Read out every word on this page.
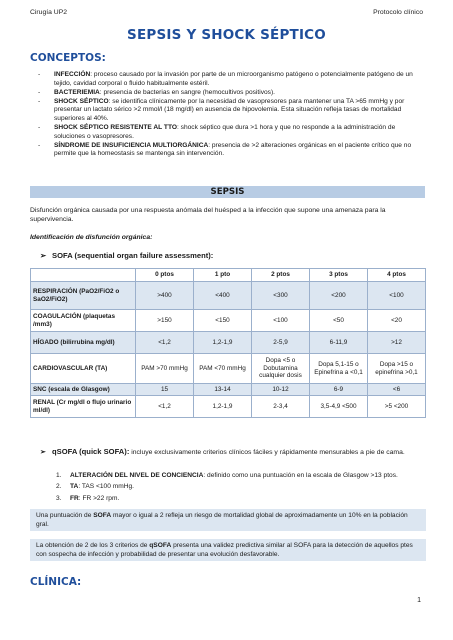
Cirugía UP2	Protocolo clínico
SEPSIS Y SHOCK SÉPTICO
CONCEPTOS:
- INFECCIÓN: proceso causado por la invasión por parte de un microorganismo patógeno o potencialmente patógeno de un tejido, cavidad corporal o fluido habitualmente estéril.
- BACTERIEMIA: presencia de bacterias en sangre (hemocultivos positivos).
- SHOCK SÉPTICO: se identifica clínicamente por la necesidad de vasopresores para mantener una TA >65 mmHg y por presentar un lactato sérico >2 mmol/l (18 mg/dl) en ausencia de hipovolemia. Esta situación refleja tasas de mortalidad superiores al 40%.
- SHOCK SÉPTICO RESISTENTE AL TTO: shock séptico que dura >1 hora y que no responde a la administración de soluciones o vasopresores.
- SÍNDROME DE INSUFICIENCIA MULTIORGÁNICA: presencia de >2 alteraciones orgánicas en el paciente crítico que no permite que la homeostasis se mantenga sin intervención.
SEPSIS
Disfunción orgánica causada por una respuesta anómala del huésped a la infección que supone una amenaza para la supervivencia.
Identificación de disfunción orgánica:
➢ SOFA (sequential organ failure assessment):
	0 ptos	1 pto	2 ptos	3 ptos	4 ptos
RESPIRACIÓN (PaO2/FiO2 o SaO2/FiO2)	>400	<400	<300	<200	<100
COAGULACIÓN (plaquetas /mm3)	>150	<150	<100	<50	<20
HÍGADO (bilirrubina mg/dl)	<1,2	1,2-1,9	2-5,9	6-11,9	>12
CARDIOVASCULAR (TA)	PAM >70 mmHg	PAM <70 mmHg	Dopa <5 o Dobutamina cualquier dosis	Dopa 5,1-15 o Epinefrina a <0,1	Dopa >15 o epinefrina >0,1
SNC (escala de Glasgow)	15	13-14	10-12	6-9	<6
RENAL (Cr mg/dl o flujo urinario ml/dl)	<1,2	1,2-1,9	2-3,4	3,5-4,9 <500	>5 <200
➢ qSOFA (quick SOFA): incluye exclusivamente criterios clínicos fáciles y rápidamente mensurables a pie de cama.
1. ALTERACIÓN DEL NIVEL DE CONCIENCIA: definido como una puntuación en la escala de Glasgow >13 ptos.
2. TA: TAS <100 mmHg.
3. FR: FR >22 rpm.
Una puntuación de SOFA mayor o igual a 2 refleja un riesgo de mortalidad global de aproximadamente un 10% en la población gral.
La obtención de 2 de los 3 criterios de qSOFA presenta una validez predictiva similar al SOFA para la detección de aquellos ptes con sospecha de infección y probabilidad de presentar una evolución desfavorable.
CLÍNICA:
1
